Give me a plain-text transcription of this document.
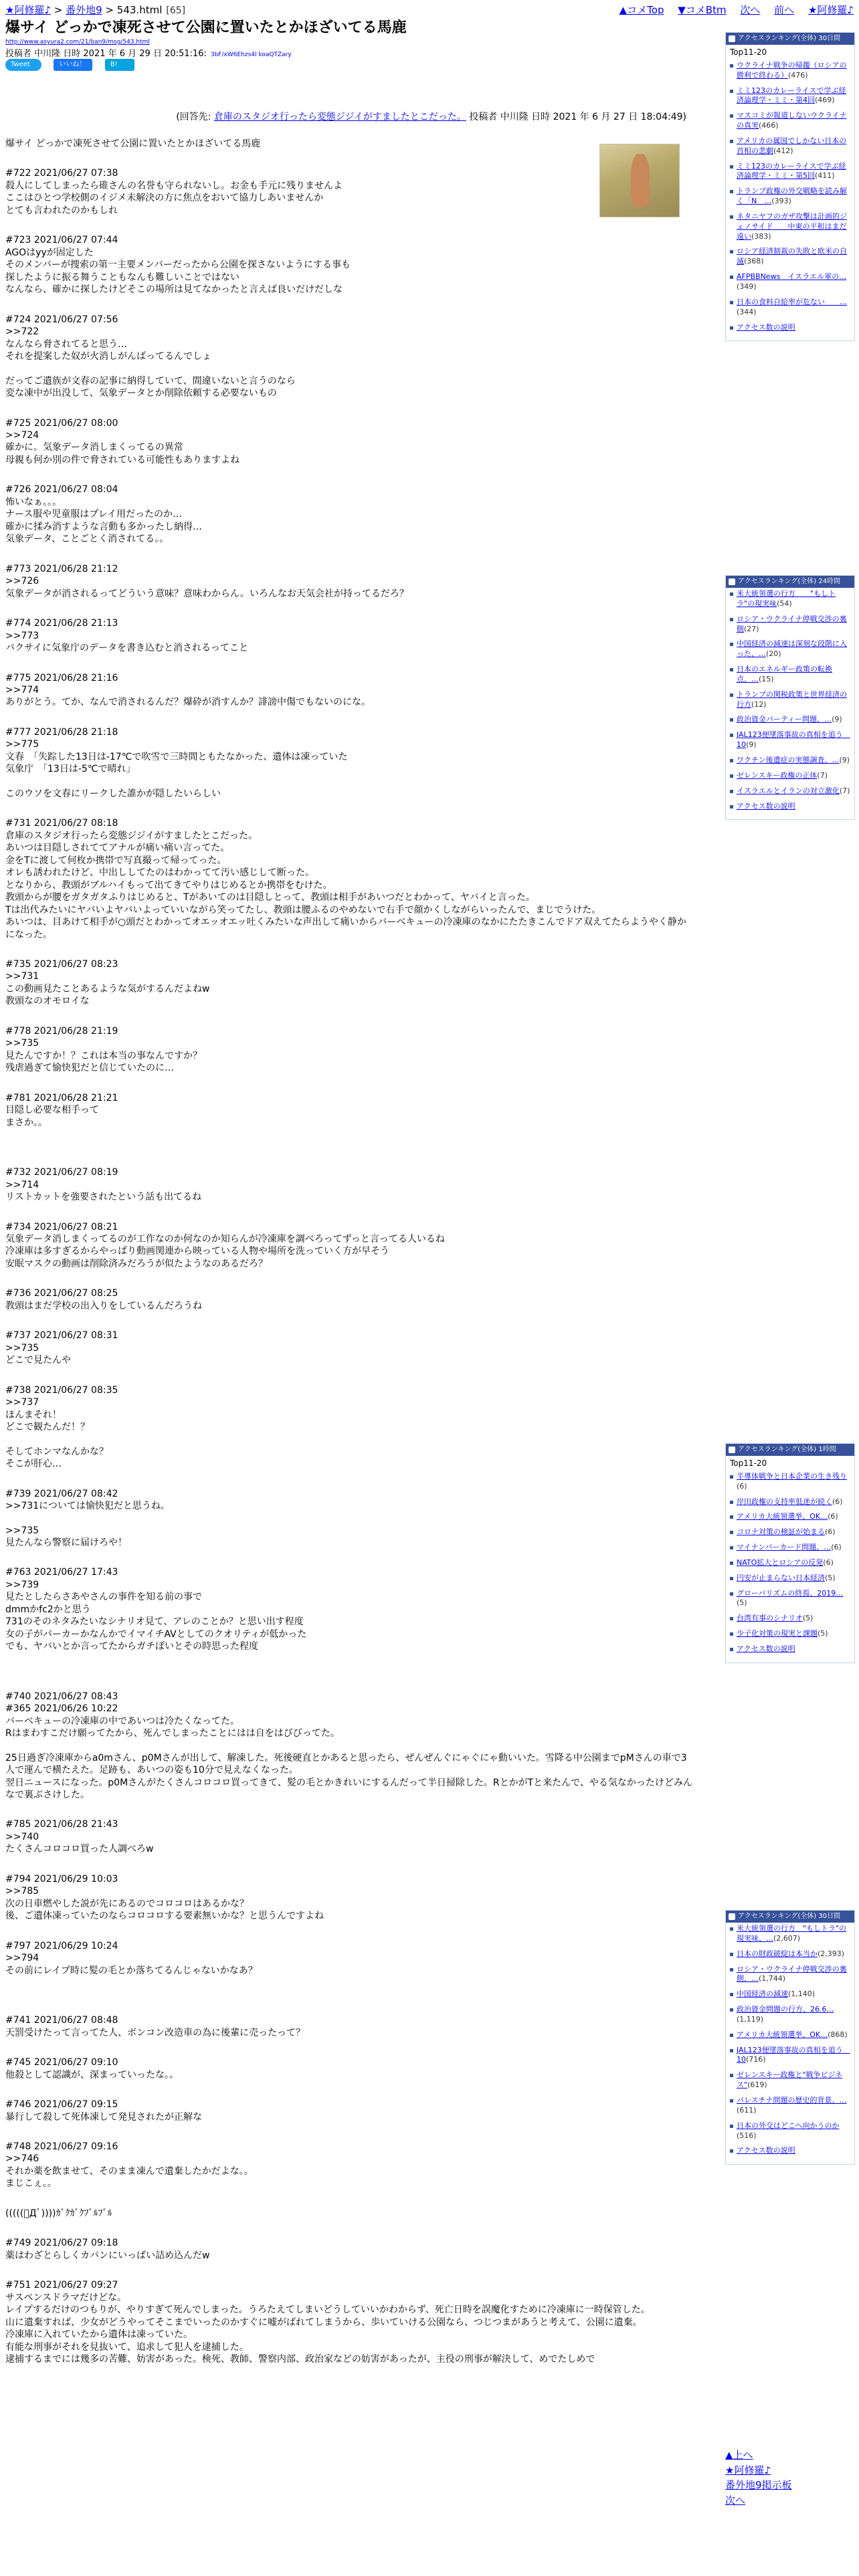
★阿修羅♪ > 番外地9 > 543.html [65]	▲コメTop ▼コメBtm 次へ 前へ ★阿修羅♪
爆サイ どっかで凍死させて公園に置いたとかほざいてる馬鹿
http://www.asyura2.com/21/ban9/msg/543.html
投稿者 中川隆 日時 2021 年 6 月 29 日 20:51:16: 3bF/xW6Ehzs4I koaQTZary
Tweet	いいね！ 0 B!
(回答先: 倉庫のスタジオ行ったら変態ジジイがすましたとこだった。 投稿者 中川隆 日時 2021 年 6 月 27 日 18:04:49)
爆サイ どっかで凍死させて公園に置いたとかほざいてる馬鹿
#722 2021/06/27 07:38
殺人にしてしまったら碓さんの名誉も守られないし。お金も手元に残りませんよ
ここはひとつ学校側のイジメ未解決の方に焦点をおいて協力しあいませんか
とても言われたのかもしれ
#723 2021/06/27 07:44
AGOはyyが固定した
そのメンバーが捜索の第一主要メンバーだったから公園を探さないようにする事も
探したように振る舞うこともなんも難しいことではない
なんなら、確かに探したけどそこの場所は見てなかったと言えば良いだけだしな
#724 2021/06/27 07:56
>>722
なんなら脅されてると思う…
それを提案した奴が火消しがんばってるんでしょ
だってご遺族が文春の記事に納得していて、間違いないと言うのなら
変な凍中が出没して、気象データとか削除依頼する必要ないもの
#725 2021/06/27 08:00
>>724
確かに。気象データ消しまくってるの異常
母親も何か別の件で脅されている可能性もありますよね
#726 2021/06/27 08:04
怖いなぁ。。。
ナース服や児童服はプレイ用だったのか…
確かに揉み消すような言動も多かったし納得…
気象データ、ことごとく消されてる。。
#773 2021/06/28 21:12
>>726
気象データが消されるってどういう意味？意味わからん。いろんなお天気会社が持ってるだろ？
#774 2021/06/28 21:13
>>773
バクサイに気象庁のデータを書き込むと消されるってこと
#775 2021/06/28 21:16
>>774
ありがとう。てか、なんで消されるんだ？爆砕が消すんか？誹謗中傷でもないのにな。
#777 2021/06/28 21:18
>>775
文春　「失踪した13日は-17℃で吹雪で三時間ともたなかった、遺体は凍っていた
気象庁　「13日は-5℃で晴れ」
このウソを文春にリークした誰かが隠したいらしい
#731 2021/06/27 08:18
倉庫のスタジオ行ったら変態ジジイがすましたとこだった。
あいつは目隠しされててアナルが痛い痛い言ってた。
金をTに渡して何枚か携帯で写真撮って帰ってった。
オレも誘われたけど、中出ししてたのはわかってて汚い感じして断った。
となりから、教頭がブルハイもって出てきてやりはじめるとか携帯をむけた。
教頭からが腰をガタガタふりはじめると、Tがあいてのは目隠しとって、教頭は相手があいつだとわかって、ヤバイと言った。
Tは出代みたいにヤバいよヤバいよっていいながら笑ってたし、教頭は腰ふるのやめないで右手で顔かくしながらいったんで、まじでうけた。
あいつは、目あけて相手が○頭だとわかってオエッオエッ吐くみたいな声出して痛いからバーベキューの冷凍庫のなかにたたきこんでドア双えてたらようやく静かになった。
#735 2021/06/27 08:23
>>731
この動画見たことあるような気がするんだよねw
教頭なのオモロイな
#778 2021/06/28 21:19
>>735
見たんですか！？これは本当の事なんですか？
残虐過ぎて愉快犯だと信じていたのに…
#781 2021/06/28 21:21
目隠し必要な相手って
まさか。。
#732 2021/06/27 08:19
>>714
リストカットを強要されたという話も出てるね
#734 2021/06/27 08:21
気象データ消しまくってるのが工作なのか何なのか知らんが冷凍庫を調べろってずっと言ってる人いるね
冷凍庫は多すぎるからやっぱり動画関連から映っている人物や場所を洗っていく方が早そう
安眠マスクの動画は削除済みだろうが似たようなのあるだろ？
#736 2021/06/27 08:25
教頭はまだ学校の出入りをしているんだろうね
#737 2021/06/27 08:31
>>735
どこで見たんや
#738 2021/06/27 08:35
>>737
ほんまそれ！
どこで観たんだ！？
そしてホンマなんかな？
そこが肝心…
#739 2021/06/27 08:42
>>731については愉快犯だと思うね。
>>735
見たんなら警察に届けろや！
#763 2021/06/27 17:43
>>739
見たとしたらさあやさんの事件を知る前の事で
dmmかfc2かと思う
731のそのネタみたいなシナリオ見て、アレのことか？と思い出す程度
女の子がパーカーかなんかでイマイチAVとしてのクオリティが低かった
でも、ヤバいとか言ってたからガチぽいとその時思った程度
#740 2021/06/27 08:43
#365 2021/06/26 10:22
バーベキューの冷凍庫の中であいつは冷たくなってた。
Rはまわすこだけ願ってたから、死んでしまったことにはは自をはびびってた。
25日過ぎ冷凍庫からa0mさん、p0Mさんが出して、解凍した。死後硬直とかあると思ったら、ぜんぜんぐにゃぐにゃ動いいた。雪降る中公園までpMさんの車で3人で運んで横たえた。足跡も、あいつの姿も10分で見えなくなった。
翌日ニュースになった。p0Mさんがたくさんコロコロ買ってきて、髪の毛とかきれいにするんだって半日掃除した。RとかがTと来たんで、やる気なかったけどみんなで裏ぶさけした。
#785 2021/06/28 21:43
>>740
たくさんコロコロ買った人調べろw
#794 2021/06/29 10:03
>>785
次の日車燃やした説が先にあるのでコロコロはあるかな？
後、ご遺体凍っていたのならコロコロする要素無いかな？と思うんですよね
#797 2021/06/29 10:24
>>794
その前にレイプ時に髪の毛とか落ちてるんじゃないかなあ？
#741 2021/06/27 08:48
天罰受けたって言ってた人、ボンコン改造車の為に後輩に売ったって？
#745 2021/06/27 09:10
他殺として認識が、深まっていったな。。
#746 2021/06/27 09:15
暴行して殺して死体凍して発見されたが正解な
#748 2021/06/27 09:16
>>746
それか薬を飲ませて、そのまま凍んで遺棄したかだよな。。
まじこぇ。。
(((((ﾟДﾟ))))ｶﾞｸｶﾞｸﾌﾞﾙﾌﾞﾙ
#749 2021/06/27 09:18
薬はわざとらしくカバンにいっぱい詰め込んだw
#751 2021/06/27 09:27
サスペンスドラマだけどな。
レイプするだけのつもりが、やりすぎて死んでしまった。うろたえてしまいどうしていいかわからず、死亡日時を誤魔化すために冷凍庫に一時保管した。
山に遺棄すれば、少女がどうやってそこまでいったのかすぐに嘘がばれてしまうから、歩いていける公園なら、つじつまがあうと考えて、公園に遺棄。
冷凍庫に入れていたから遺体は凍っていた。
有能な刑事がそれを見抜いて、追求して犯人を逮捕した。
逮捕するまでには幾多の苦難、妨害があった。検死、教師、警察内部、政治家などの妨害があったが、主役の刑事が解決して、めでたしめで
アクセスランキング(全体) 30日間
Top11-20
ウクライナ戦争の帰趨（ロシアの勝利で終わる）(476)
ミミ123のカレーライスで学ぶ経済論理学・ミミ・第4回(469)
マスコミが報道しないウクライナの真実(466)
アメリカの属国でしかない日本の首相の悲劇(412)
ミミ123のカレーライスで学ぶ経済論理学・ミミ・第5回(411)
トランプ政権の外交戦略を読み解く「N　…(393)
ネタニヤフのガザ攻撃は計画的ジェノサイド　　中東の平和はまだ遠い(383)
ロシア経済制裁の失敗と欧米の自滅(368)
AFPBBNews　イスラエル軍の…(349)
日本の食料自給率が危ない　　…(344)
アクセス数の説明
アクセスランキング(全体) 24時間
米大統領選の行方　　"もしトラ"の現実味(54)
ロシア・ウクライナ停戦交渉の裏側(27)
中国経済の減速は深刻な段階に入った、…(20)
日本のエネルギー政策の転換点、…(15)
トランプの関税政策と世界経済の行方(12)
政治資金パーティー問題、…(9)
JAL123便墜落事故の真相を追う　10(9)
ワクチン後遺症の実態調査、…(9)
ゼレンスキー政権の正体(7)
イスラエルとイランの対立激化(7)
アクセス数の説明
アクセスランキング(全体) 1時間
Top11-20
半導体戦争と日本企業の生き残り(6)
岸田政権の支持率低迷が続く(6)
アメリカ大統領選挙、OK…(6)
コロナ対策の検証が始まる(6)
マイナンバーカード問題、…(6)
NATO拡大とロシアの反発(6)
円安が止まらない日本経済(5)
グローバリズムの終焉、2019…(5)
台湾有事のシナリオ(5)
少子化対策の現実と課題(5)
アクセス数の説明
アクセスランキング(全体) 30日間
米大統領選の行方　"もしトラ"の現実味、…(2,607)
日本の財政破綻は本当か(2,393)
ロシア・ウクライナ停戦交渉の裏側、…(1,744)
中国経済の減速(1,140)
政治資金問題の行方、26.6…(1,119)
アメリカ大統領選挙、OK…(868)
JAL123便墜落事故の真相を追う　10(716)
ゼレンスキー政権と"戦争ビジネス"(619)
パレスチナ問題の歴史的背景、…(611)
日本の外交はどこへ向かうのか(516)
アクセス数の説明
▲上へ
★阿修羅♪
番外地9掲示板
次へ
